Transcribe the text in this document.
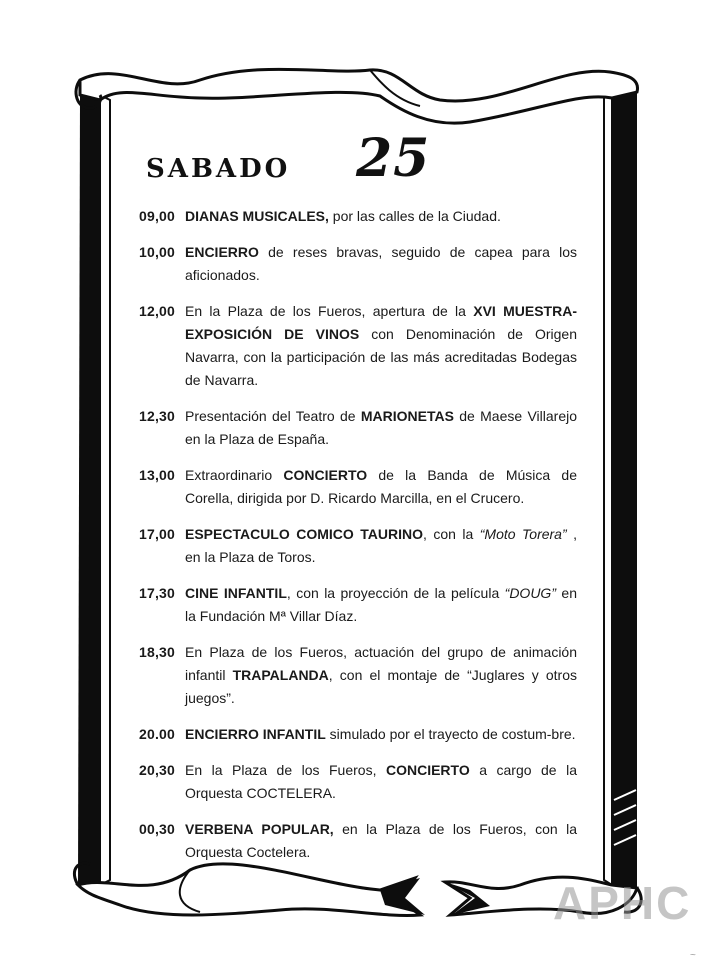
SABADO 25
09,00 DIANAS MUSICALES, por las calles de la Ciudad.
10,00 ENCIERRO de reses bravas, seguido de capea para los aficionados.
12,00 En la Plaza de los Fueros, apertura de la XVI MUESTRA-EXPOSICIÓN DE VINOS con Denominación de Origen Navarra, con la participación de las más acreditadas Bodegas de Navarra.
12,30 Presentación del Teatro de MARIONETAS de Maese Villarejo en la Plaza de España.
13,00 Extraordinario CONCIERTO de la Banda de Música de Corella, dirigida por D. Ricardo Marcilla, en el Crucero.
17,00 ESPECTACULO COMICO TAURINO, con la “Moto Torera” , en la Plaza de Toros.
17,30 CINE INFANTIL, con la proyección de la película “DOUG” en la Fundación Mª Villar Díaz.
18,30 En Plaza de los Fueros, actuación del grupo de animación infantil TRAPALANDA, con el montaje de “Juglares y otros juegos”.
20.00 ENCIERRO INFANTIL simulado por el trayecto de costum-bre.
20,30 En la Plaza de los Fueros, CONCIERTO a cargo de la Orquesta COCTELERA.
00,30 VERBENA POPULAR, en la Plaza de los Fueros, con la Orquesta Coctelera.
APHC
~
